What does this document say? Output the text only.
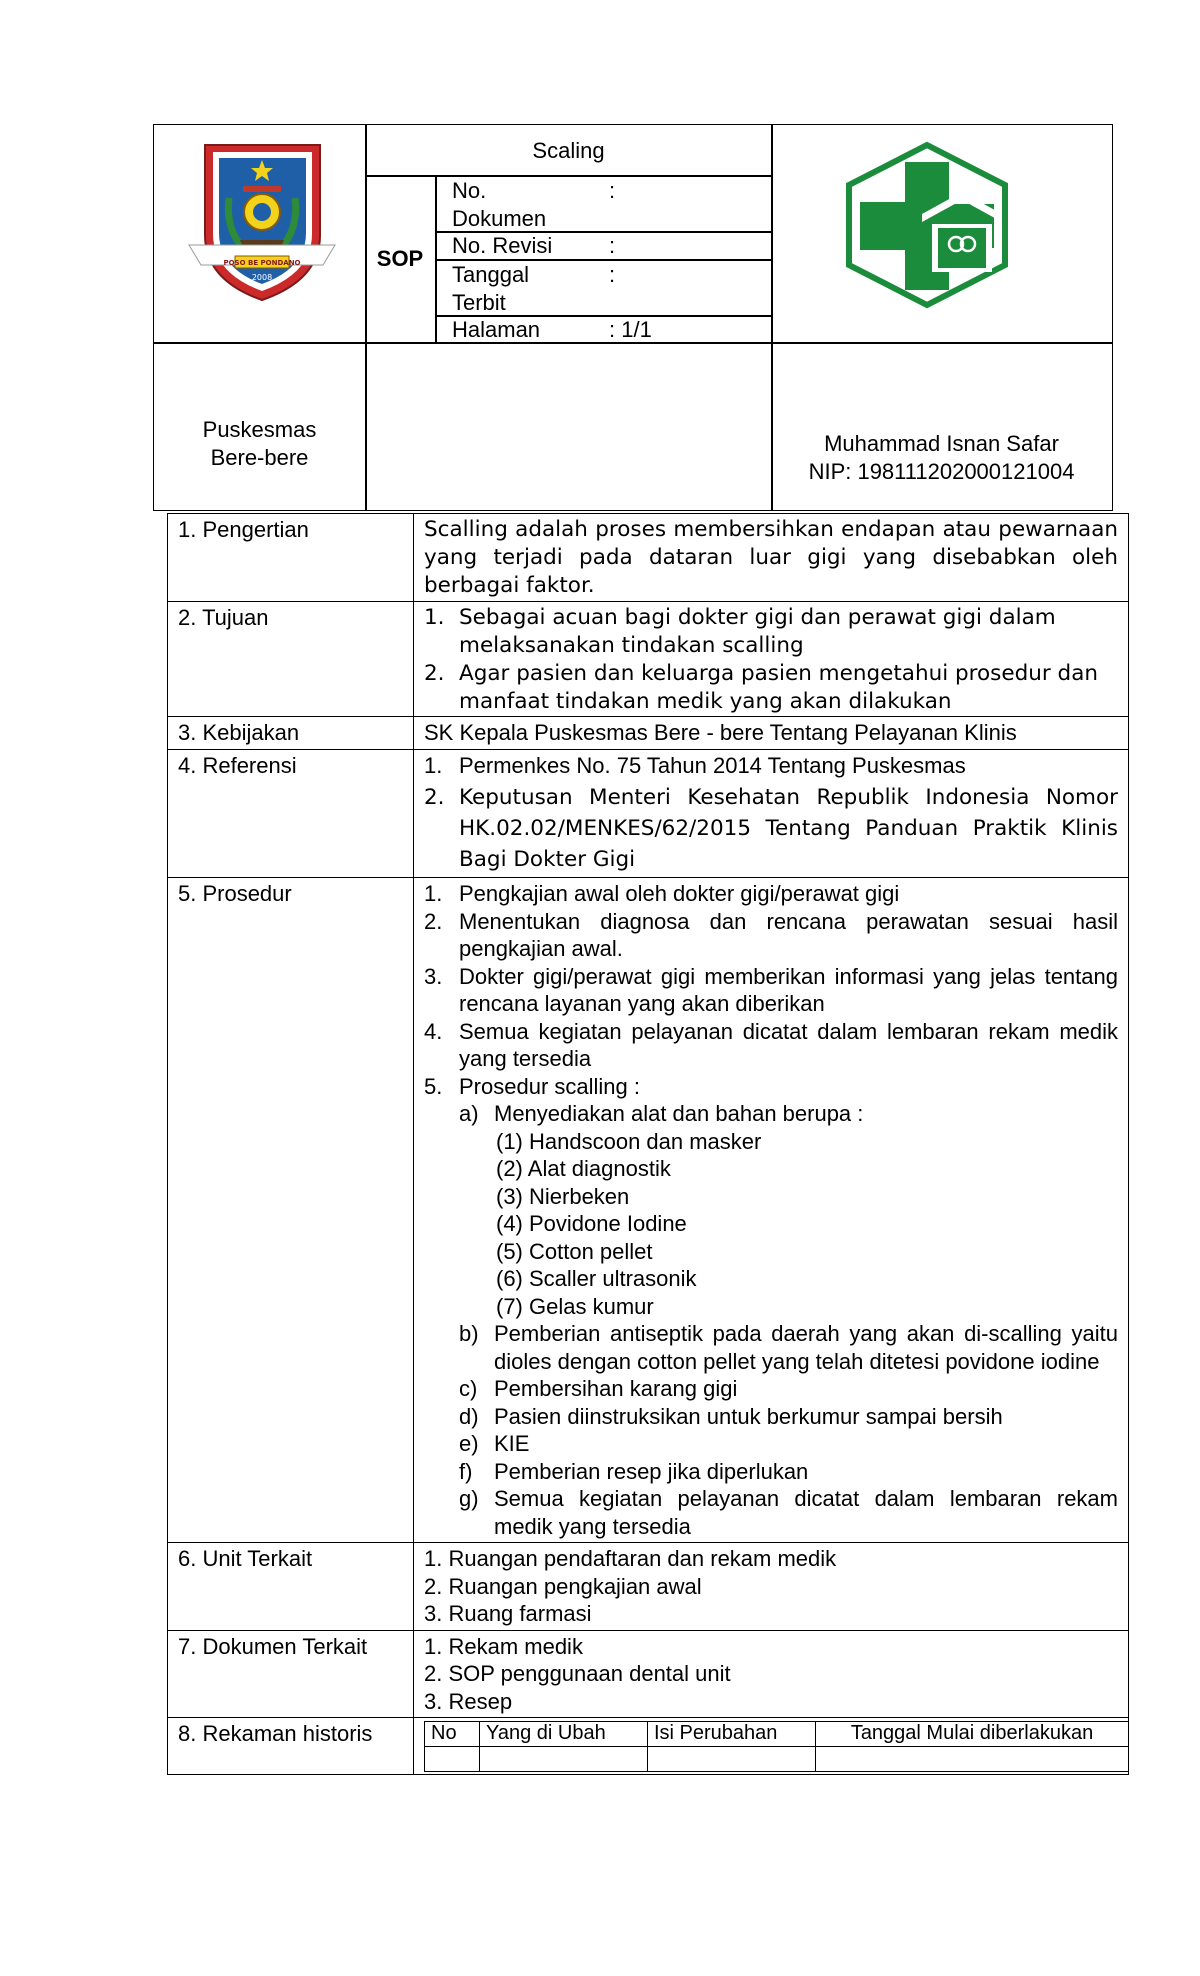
Scaling
SOP
No.
Dokumen
:
No. Revisi	:
Tanggal
Terbit
:
Halaman	: 1/1
Puskesmas
Bere-bere
Muhammad Isnan Safar
NIP: 198111202000121004
POSO BE PONDANO
2008
1. Pengertian	Scalling adalah proses membersihkan endapan atau pewarnaan yang terjadi pada dataran luar gigi yang disebabkan oleh berbagai faktor.

2. Tujuan	1. Sebagai acuan bagi dokter gigi dan perawat gigi dalam melaksanakan tindakan scalling
2. Agar pasien dan keluarga pasien mengetahui prosedur dan manfaat tindakan medik yang akan dilakukan

3. Kebijakan	SK Kepala Puskesmas Bere - bere Tentang Pelayanan Klinis
4. Referensi	1. Permenkes No. 75 Tahun 2014 Tentang Puskesmas
2. Keputusan Menteri Kesehatan Republik Indonesia Nomor HK.02.02/MENKES/62/2015 Tentang Panduan Praktik Klinis Bagi Dokter Gigi

5. Prosedur	1. Pengkajian awal oleh dokter gigi/perawat gigi
2. Menentukan diagnosa dan rencana perawatan sesuai hasil pengkajian awal.
3. Dokter gigi/perawat gigi memberikan informasi yang jelas tentang rencana layanan yang akan diberikan
4. Semua kegiatan pelayanan dicatat dalam lembaran rekam medik yang tersedia
5. Prosedur scalling :
a) Menyediakan alat dan bahan berupa :
(1) Handscoon dan masker
(2) Alat diagnostik
(3) Nierbeken
(4) Povidone Iodine
(5) Cotton pellet
(6) Scaller ultrasonik
(7) Gelas kumur
b) Pemberian antiseptik pada daerah yang akan di-scalling yaitu dioles dengan cotton pellet yang telah ditetesi povidone iodine
c) Pembersihan karang gigi
d) Pasien diinstruksikan untuk berkumur sampai bersih
e) KIE
f) Pemberian resep jika diperlukan
g) Semua kegiatan pelayanan dicatat dalam lembaran rekam medik yang tersedia

6. Unit Terkait	1. Ruangan pendaftaran dan rekam medik
2. Ruangan pengkajian awal
3. Ruang farmasi

7. Dokumen Terkait	1. Rekam medik
2. SOP penggunaan dental unit
3. Resep

8. Rekaman historis		No	Yang di Ubah	Isi Perubahan	Tanggal Mulai diberlakukan
